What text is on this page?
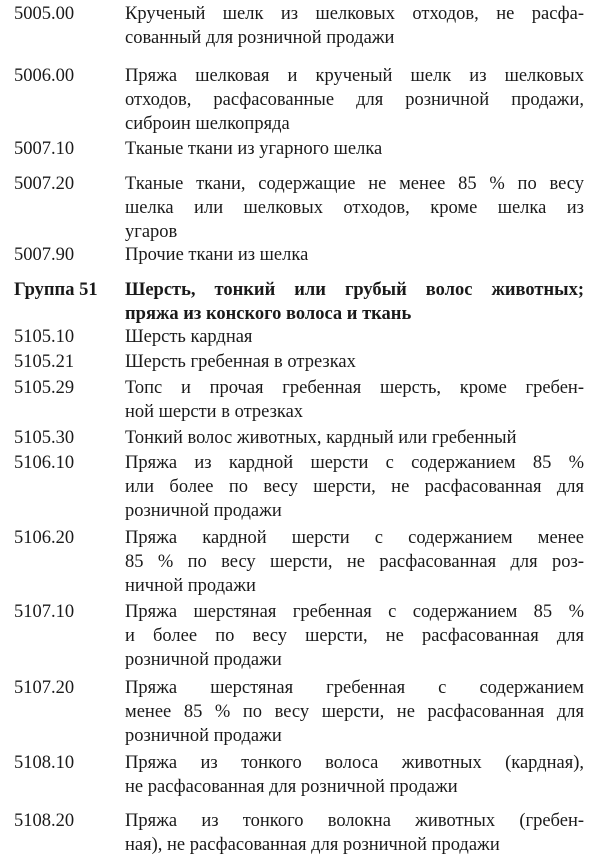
5005.00	Крученый шелк из шелковых отходов, не расфа-
сованный для розничной продажи
5006.00	Пряжа шелковая и крученый шелк из шелковых
отходов, расфасованные для розничной продажи,
сиброин шелкопряда
5007.10	Тканые ткани из угарного шелка
5007.20	Тканые ткани, содержащие не менее 85 % по весу
шелка или шелковых отходов, кроме шелка из
угаров
5007.90	Прочие ткани из шелка
Группа 51	Шерсть, тонкий или грубый волос животных;
пряжа из конского волоса и ткань
5105.10	Шерсть кардная
5105.21	Шерсть гребенная в отрезках
5105.29	Топс и прочая гребенная шерсть, кроме гребен-
ной шерсти в отрезках
5105.30	Тонкий волос животных, кардный или гребенный
5106.10	Пряжа из кардной шерсти с содержанием 85 %
или более по весу шерсти, не расфасованная для
розничной продажи
5106.20	Пряжа кардной шерсти с содержанием менее
85 % по весу шерсти, не расфасованная для роз-
ничной продажи
5107.10	Пряжа шерстяная гребенная с содержанием 85 %
и более по весу шерсти, не расфасованная для
розничной продажи
5107.20	Пряжа шерстяная гребенная с содержанием
менее 85 % по весу шерсти, не расфасованная для
розничной продажи
5108.10	Пряжа из тонкого волоса животных (кардная),
не расфасованная для розничной продажи
5108.20	Пряжа из тонкого волокна животных (гребен-
ная), не расфасованная для розничной продажи
